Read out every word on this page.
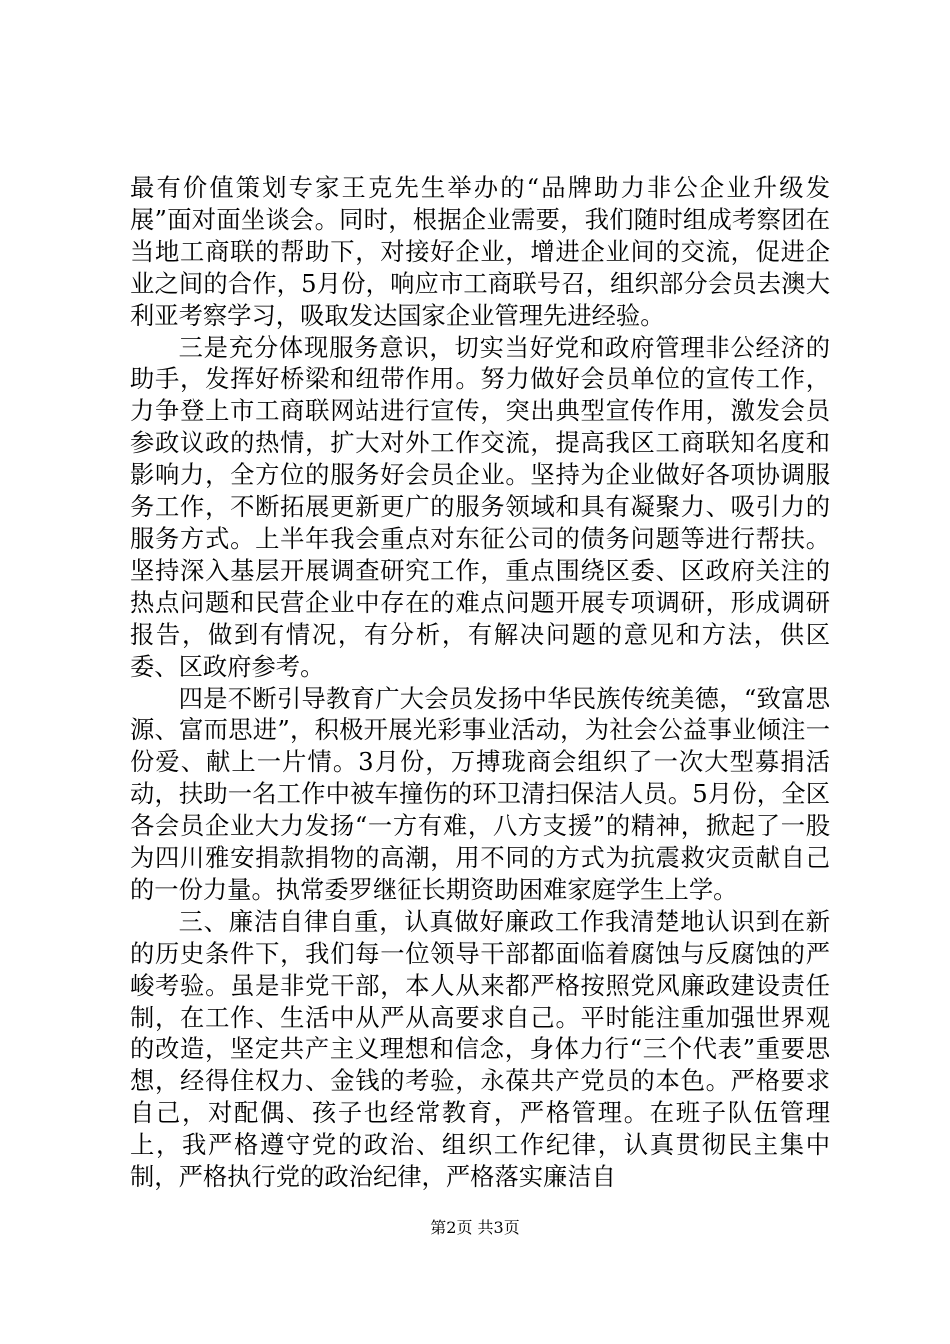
最有价值策划专家王克先生举办的“品牌助力非公企业升级发展”面对面坐谈会。同时，根据企业需要，我们随时组成考察团在当地工商联的帮助下，对接好企业，增进企业间的交流，促进企业之间的合作，5月份，响应市工商联号召，组织部分会员去澳大利亚考察学习，吸取发达国家企业管理先进经验。

三是充分体现服务意识，切实当好党和政府管理非公经济的助手，发挥好桥梁和纽带作用。努力做好会员单位的宣传工作，力争登上市工商联网站进行宣传，突出典型宣传作用，激发会员参政议政的热情，扩大对外工作交流，提高我区工商联知名度和影响力，全方位的服务好会员企业。坚持为企业做好各项协调服务工作，不断拓展更新更广的服务领域和具有凝聚力、吸引力的服务方式。上半年我会重点对东征公司的债务问题等进行帮扶。坚持深入基层开展调查研究工作，重点围绕区委、区政府关注的热点问题和民营企业中存在的难点问题开展专项调研，形成调研报告，做到有情况，有分析，有解决问题的意见和方法，供区委、区政府参考。

四是不断引导教育广大会员发扬中华民族传统美德，“致富思源、富而思进”，积极开展光彩事业活动，为社会公益事业倾注一份爱、献上一片情。3月份，万搏珑商会组织了一次大型募捐活动，扶助一名工作中被车撞伤的环卫清扫保洁人员。5月份，全区各会员企业大力发扬“一方有难，八方支援”的精神，掀起了一股为四川雅安捐款捐物的高潮，用不同的方式为抗震救灾贡献自己的一份力量。执常委罗继征长期资助困难家庭学生上学。

三、廉洁自律自重，认真做好廉政工作我清楚地认识到在新的历史条件下，我们每一位领导干部都面临着腐蚀与反腐蚀的严峻考验。虽是非党干部，本人从来都严格按照党风廉政建设责任制，在工作、生活中从严从高要求自己。平时能注重加强世界观的改造，坚定共产主义理想和信念，身体力行“三个代表”重要思想，经得住权力、金钱的考验，永葆共产党员的本色。严格要求自己，对配偶、孩子也经常教育，严格管理。在班子队伍管理上，我严格遵守党的政治、组织工作纪律，认真贯彻民主集中制，严格执行党的政治纪律，严格落实廉洁自

第2页 共3页
